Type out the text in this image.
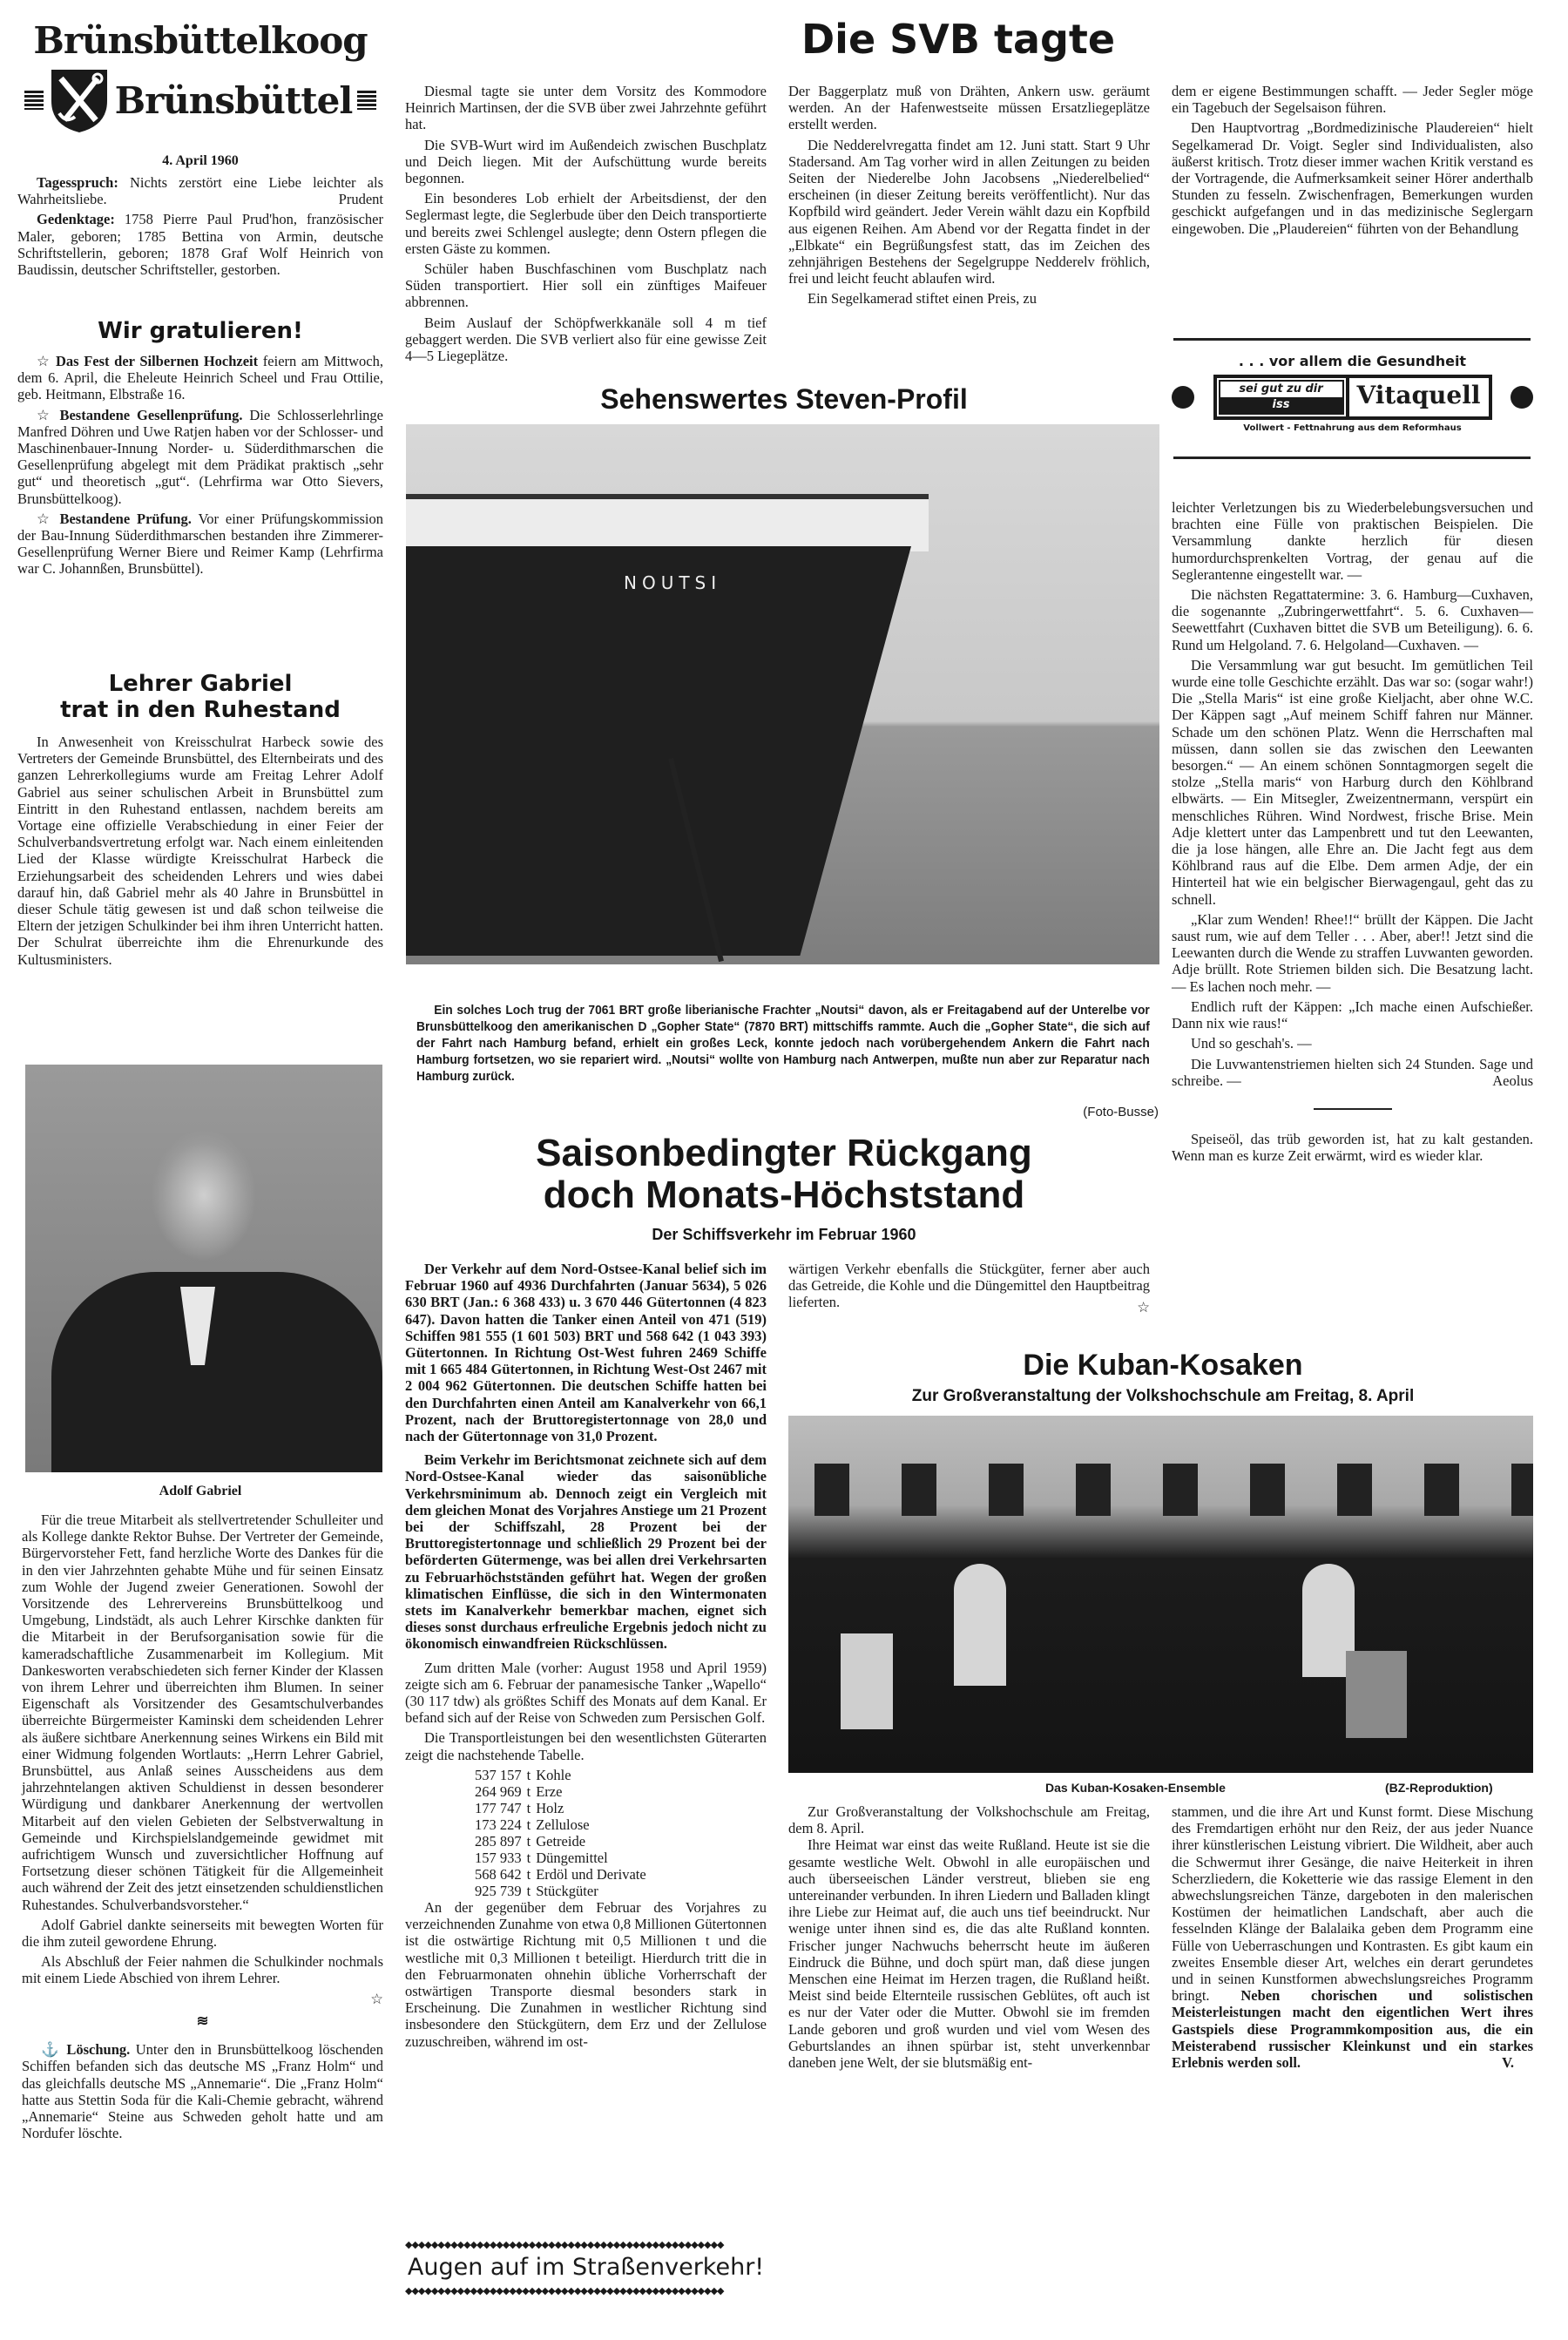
Brünsbüttelkoog
Brünsbüttel
4. April 1960

Tagesspruch: Nichts zerstört eine Liebe leichter als Wahrheitsliebe.	Prudent

Gedenktage: 1758 Pierre Paul Prud'hon, französischer Maler, geboren; 1785 Bettina von Armin, deutsche Schriftstellerin, geboren; 1878 Graf Wolf Heinrich von Baudissin, deutscher Schriftsteller, gestorben.

Wir gratulieren!

☆ Das Fest der Silbernen Hochzeit feiern am Mittwoch, dem 6. April, die Eheleute Heinrich Scheel und Frau Ottilie, geb. Heitmann, Elbstraße 16.

☆ Bestandene Gesellenprüfung. Die Schlosserlehrlinge Manfred Döhren und Uwe Ratjen haben vor der Schlosser- und Maschinenbauer-Innung Norder- u. Süderdithmarschen die Gesellenprüfung abgelegt mit dem Prädikat praktisch „sehr gut“ und theoretisch „gut“. (Lehrfirma war Otto Sievers, Brunsbüttelkoog).

☆ Bestandene Prüfung. Vor einer Prüfungskommission der Bau-Innung Süderdithmarschen bestanden ihre Zimmerer-Gesellenprüfung Werner Biere und Reimer Kamp (Lehrfirma war C. Johannßen, Brunsbüttel).

Lehrer Gabriel
trat in den Ruhestand

In Anwesenheit von Kreisschulrat Harbeck sowie des Vertreters der Gemeinde Brunsbüttel, des Elternbeirats und des ganzen Lehrerkollegiums wurde am Freitag Lehrer Adolf Gabriel aus seiner schulischen Arbeit in Brunsbüttel zum Eintritt in den Ruhestand entlassen, nachdem bereits am Vortage eine offizielle Verabschiedung in einer Feier der Schulverbandsvertretung erfolgt war. Nach einem einleitenden Lied der Klasse würdigte Kreisschulrat Harbeck die Erziehungsarbeit des scheidenden Lehrers und wies dabei darauf hin, daß Gabriel mehr als 40 Jahre in Brunsbüttel in dieser Schule tätig gewesen ist und daß schon teilweise die Eltern der jetzigen Schulkinder bei ihm ihren Unterricht hatten. Der Schulrat überreichte ihm die Ehrenurkunde des Kultusministers.

Adolf Gabriel

Für die treue Mitarbeit als stellvertretender Schulleiter und als Kollege dankte Rektor Buhse. Der Vertreter der Gemeinde, Bürgervorsteher Fett, fand herzliche Worte des Dankes für die in den vier Jahrzehnten gehabte Mühe und für seinen Einsatz zum Wohle der Jugend zweier Generationen. Sowohl der Vorsitzende des Lehrervereins Brunsbüttelkoog und Umgebung, Lindstädt, als auch Lehrer Kirschke dankten für die Mitarbeit in der Berufsorganisation sowie für die kameradschaftliche Zusammenarbeit im Kollegium. Mit Dankesworten verabschiedeten sich ferner Kinder der Klassen von ihrem Lehrer und überreichten ihm Blumen. In seiner Eigenschaft als Vorsitzender des Gesamtschulverbandes überreichte Bürgermeister Kaminski dem scheidenden Lehrer als äußere sichtbare Anerkennung seines Wirkens ein Bild mit einer Widmung folgenden Wortlauts: „Herrn Lehrer Gabriel, Brunsbüttel, aus Anlaß seines Ausscheidens aus dem jahrzehntelangen aktiven Schuldienst in dessen besonderer Würdigung und dankbarer Anerkennung der wertvollen Mitarbeit auf den vielen Gebieten der Selbstverwaltung in Gemeinde und Kirchspielslandgemeinde gewidmet mit aufrichtigem Wunsch und zuversichtlicher Hoffnung auf Fortsetzung dieser schönen Tätigkeit für die Allgemeinheit auch während der Zeit des jetzt einsetzenden schuldienstlichen Ruhestandes. Schulverbandsvorsteher.“

Adolf Gabriel dankte seinerseits mit bewegten Worten für die ihm zuteil gewordene Ehrung.

Als Abschluß der Feier nahmen die Schulkinder nochmals mit einem Liede Abschied von ihrem Lehrer.

☆
≋

⚓ Löschung. Unter den in Brunsbüttelkoog löschenden Schiffen befanden sich das deutsche MS „Franz Holm“ und das gleichfalls deutsche MS „Annemarie“. Die „Franz Holm“ hatte aus Stettin Soda für die Kali-Chemie gebracht, während „Annemarie“ Steine aus Schweden geholt hatte und am Nordufer löschte.

Die SVB tagte

Diesmal tagte sie unter dem Vorsitz des Kommodore Heinrich Martinsen, der die SVB über zwei Jahrzehnte geführt hat.

Die SVB-Wurt wird im Außendeich zwischen Buschplatz und Deich liegen. Mit der Aufschüttung wurde bereits begonnen.

Ein besonderes Lob erhielt der Arbeitsdienst, der den Seglermast legte, die Seglerbude über den Deich transportierte und bereits zwei Schlengel auslegte; denn Ostern pflegen die ersten Gäste zu kommen.

Schüler haben Buschfaschinen vom Buschplatz nach Süden transportiert. Hier soll ein zünftiges Maifeuer abbrennen.

Beim Auslauf der Schöpfwerkkanäle soll 4 m tief gebaggert werden. Die SVB verliert also für eine gewisse Zeit 4—5 Liegeplätze.

Der Baggerplatz muß von Drähten, Ankern usw. geräumt werden. An der Hafenwestseite müssen Ersatzliegeplätze erstellt werden.

Die Nedderelvregatta findet am 12. Juni statt. Start 9 Uhr Stadersand. Am Tag vorher wird in allen Zeitungen zu beiden Seiten der Niederelbe John Jacobsens „Niederelbelied“ erscheinen (in dieser Zeitung bereits veröffentlicht). Nur das Kopfbild wird geändert. Jeder Verein wählt dazu ein Kopfbild aus eigenen Reihen. Am Abend vor der Regatta findet in der „Elbkate“ ein Begrüßungsfest statt, das im Zeichen des zehnjährigen Bestehens der Segelgruppe Nedderelv fröhlich, frei und leicht feucht ablaufen wird.

Ein Segelkamerad stiftet einen Preis, zu

dem er eigene Bestimmungen schafft. — Jeder Segler möge ein Tagebuch der Segelsaison führen.

Den Hauptvortrag „Bordmedizinische Plaudereien“ hielt Segelkamerad Dr. Voigt. Segler sind Individualisten, also äußerst kritisch. Trotz dieser immer wachen Kritik verstand es der Vortragende, die Aufmerksamkeit seiner Hörer anderthalb Stunden zu fesseln. Zwischenfragen, Bemerkungen wurden geschickt aufgefangen und in das medizinische Seglergarn eingewoben. Die „Plaudereien“ führten von der Behandlung

. . . vor allem die Gesundheit
sei gut zu dir
iss	Vitaquell
Vollwert - Fettnahrung aus dem Reformhaus

leichter Verletzungen bis zu Wiederbelebungsversuchen und brachten eine Fülle von praktischen Beispielen. Die Versammlung dankte herzlich für diesen humordurchsprenkelten Vortrag, der genau auf die Seglerantenne eingestellt war. —

Die nächsten Regattatermine: 3. 6. Hamburg—Cuxhaven, die sogenannte „Zubringerwettfahrt“. 5. 6. Cuxhaven—Seewettfahrt (Cuxhaven bittet die SVB um Beteiligung). 6. 6. Rund um Helgoland. 7. 6. Helgoland—Cuxhaven. —

Die Versammlung war gut besucht. Im gemütlichen Teil wurde eine tolle Geschichte erzählt. Das war so: (sogar wahr!) Die „Stella Maris“ ist eine große Kieljacht, aber ohne W.C. Der Käppen sagt „Auf meinem Schiff fahren nur Männer. Schade um den schönen Platz. Wenn die Herrschaften mal müssen, dann sollen sie das zwischen den Leewanten besorgen.“ — An einem schönen Sonntagmorgen segelt die stolze „Stella maris“ von Harburg durch den Köhlbrand elbwärts. — Ein Mitsegler, Zweizentnermann, verspürt ein menschliches Rühren. Wind Nordwest, frische Brise. Mein Adje klettert unter das Lampenbrett und tut den Leewanten, die ja lose hängen, alle Ehre an. Die Jacht fegt aus dem Köhlbrand raus auf die Elbe. Dem armen Adje, der ein Hinterteil hat wie ein belgischer Bierwagengaul, geht das zu schnell.

„Klar zum Wenden! Rhee!!“ brüllt der Käppen. Die Jacht saust rum, wie auf dem Teller . . . Aber, aber!! Jetzt sind die Leewanten durch die Wende zu straffen Luvwanten geworden. Adje brüllt. Rote Striemen bilden sich. Die Besatzung lacht. — Es lachen noch mehr. —

Endlich ruft der Käppen: „Ich mache einen Aufschießer. Dann nix wie raus!“

Und so geschah's. —

Die Luvwantenstriemen hielten sich 24 Stunden. Sage und schreibe. —	Aeolus

Speiseöl, das trüb geworden ist, hat zu kalt gestanden. Wenn man es kurze Zeit erwärmt, wird es wieder klar.

Sehenswertes Steven-Profil
NOUTSI
Ein solches Loch trug der 7061 BRT große liberianische Frachter „Noutsi“ davon, als er Freitagabend auf der Unterelbe vor Brunsbüttelkoog den amerikanischen D „Gopher State“ (7870 BRT) mittschiffs rammte. Auch die „Gopher State“, die sich auf der Fahrt nach Hamburg befand, erhielt ein großes Leck, konnte jedoch nach vorübergehendem Ankern die Fahrt nach Hamburg fortsetzen, wo sie repariert wird. „Noutsi“ wollte von Hamburg nach Antwerpen, mußte nun aber zur Reparatur nach Hamburg zurück.
(Foto-Busse)
Saisonbedingter Rückgang
doch Monats-Höchststand
Der Schiffsverkehr im Februar 1960

Der Verkehr auf dem Nord-Ostsee-Kanal belief sich im Februar 1960 auf 4936 Durchfahrten (Januar 5634), 5 026 630 BRT (Jan.: 6 368 433) u. 3 670 446 Gütertonnen (4 823 647). Davon hatten die Tanker einen Anteil von 471 (519) Schiffen 981 555 (1 601 503) BRT und 568 642 (1 043 393) Gütertonnen. In Richtung Ost-West fuhren 2469 Schiffe mit 1 665 484 Gütertonnen, in Richtung West-Ost 2467 mit 2 004 962 Gütertonnen. Die deutschen Schiffe hatten bei den Durchfahrten einen Anteil am Kanalverkehr von 66,1 Prozent, nach der Bruttoregistertonnage von 28,0 und nach der Gütertonnage von 31,0 Prozent.

Beim Verkehr im Berichtsmonat zeichnete sich auf dem Nord-Ostsee-Kanal wieder das saisonübliche Verkehrsminimum ab. Dennoch zeigt ein Vergleich mit dem gleichen Monat des Vorjahres Anstiege um 21 Prozent bei der Schiffszahl, 28 Prozent bei der Bruttoregistertonnage und schließlich 29 Prozent bei der beförderten Gütermenge, was bei allen drei Verkehrsarten zu Februarhöchstständen geführt hat. Wegen der großen klimatischen Einflüsse, die sich in den Wintermonaten stets im Kanalverkehr bemerkbar machen, eignet sich dieses sonst durchaus erfreuliche Ergebnis jedoch nicht zu ökonomisch einwandfreien Rückschlüssen.

Zum dritten Male (vorher: August 1958 und April 1959) zeigte sich am 6. Februar der panamesische Tanker „Wapello“ (30 117 tdw) als größtes Schiff des Monats auf dem Kanal. Er befand sich auf der Reise von Schweden zum Persischen Golf.

Die Transportleistungen bei den wesentlichsten Güterarten zeigt die nachstehende Tabelle.

537 157	t	Kohle
264 969	t	Erze
177 747	t	Holz
173 224	t	Zellulose
285 897	t	Getreide
157 933	t	Düngemittel
568 642	t	Erdöl und Derivate
925 739	t	Stückgüter

An der gegenüber dem Februar des Vorjahres zu verzeichnenden Zunahme von etwa 0,8 Millionen Gütertonnen ist die ostwärtige Richtung mit 0,5 Millionen t und die westliche mit 0,3 Millionen t beteiligt. Hierdurch tritt die in den Februarmonaten ohnehin übliche Vorherrschaft der ostwärtigen Transporte diesmal besonders stark in Erscheinung. Die Zunahmen in westlicher Richtung sind insbesondere den Stückgütern, dem Erz und der Zellulose zuzuschreiben, während im ost-

wärtigen Verkehr ebenfalls die Stückgüter, ferner aber auch das Getreide, die Kohle und die Düngemittel den Hauptbeitrag lieferten.	☆
◆◆◆◆◆◆◆◆◆◆◆◆◆◆◆◆◆◆◆◆◆◆◆◆◆◆◆◆◆◆◆◆◆◆◆◆◆◆◆◆◆◆◆◆◆◆◆◆◆
Augen auf im Straßenverkehr!
◆◆◆◆◆◆◆◆◆◆◆◆◆◆◆◆◆◆◆◆◆◆◆◆◆◆◆◆◆◆◆◆◆◆◆◆◆◆◆◆◆◆◆◆◆◆◆◆◆
Die Kuban-Kosaken
Zur Großveranstaltung der Volkshochschule am Freitag, 8. April
Das Kuban-Kosaken-Ensemble	(BZ-Reproduktion)

Zur Großveranstaltung der Volkshochschule am Freitag, dem 8. April.

Ihre Heimat war einst das weite Rußland. Heute ist sie die gesamte westliche Welt. Obwohl in alle europäischen und auch überseeischen Länder verstreut, blieben sie eng untereinander verbunden. In ihren Liedern und Balladen klingt ihre Liebe zur Heimat auf, die auch uns tief beeindruckt. Nur wenige unter ihnen sind es, die das alte Rußland konnten. Frischer junger Nachwuchs beherrscht heute im äußeren Eindruck die Bühne, und doch spürt man, daß diese jungen Menschen eine Heimat im Herzen tragen, die Rußland heißt. Meist sind beide Elternteile russischen Geblütes, oft auch ist es nur der Vater oder die Mutter. Obwohl sie im fremden Lande geboren und groß wurden und viel vom Wesen des Geburtslandes an ihnen spürbar ist, steht unverkennbar daneben jene Welt, der sie blutsmäßig ent-

stammen, und die ihre Art und Kunst formt. Diese Mischung des Fremdartigen erhöht nur den Reiz, der aus jeder Nuance ihrer künstlerischen Leistung vibriert. Die Wildheit, aber auch die Schwermut ihrer Gesänge, die naive Heiterkeit in ihren Scherzliedern, die Koketterie wie das rassige Element in den abwechslungsreichen Tänze, dargeboten in den malerischen Kostümen der heimatlichen Landschaft, aber auch die fesselnden Klänge der Balalaika geben dem Programm eine Fülle von Ueberraschungen und Kontrasten. Es gibt kaum ein zweites Ensemble dieser Art, welches ein derart gerundetes und in seinen Kunstformen abwechslungsreiches Programm bringt. Neben chorischen und solistischen Meisterleistungen macht den eigentlichen Wert ihres Gastspiels diese Programmkomposition aus, die ein Meisterabend russischer Kleinkunst und ein starkes Erlebnis werden soll.	V.
